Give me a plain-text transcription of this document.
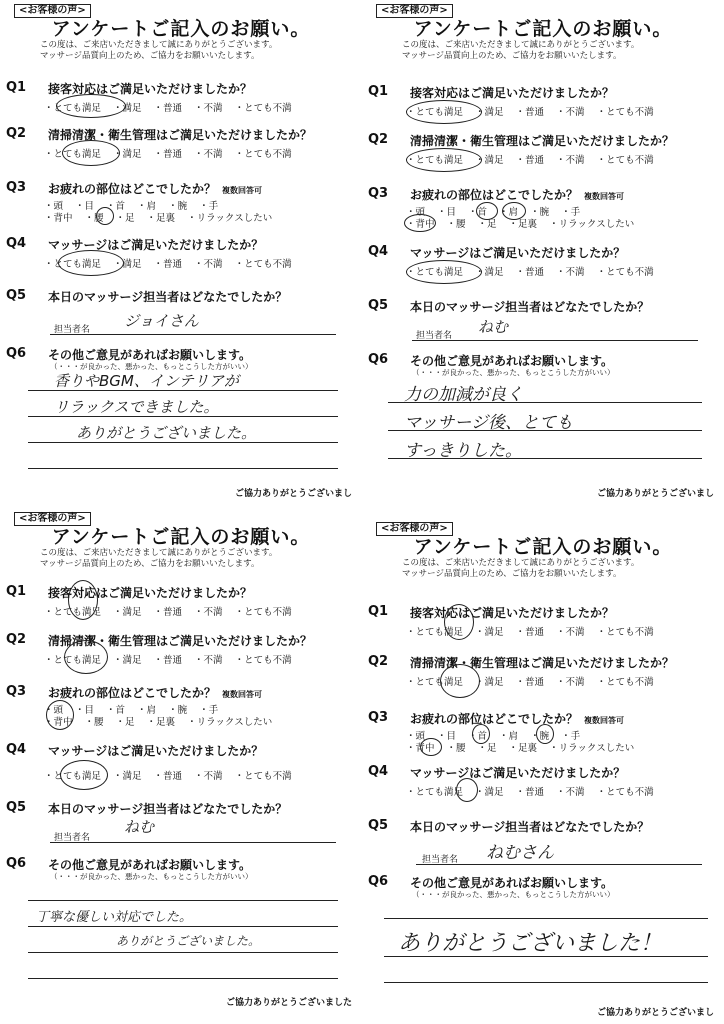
<お客様の声>
アンケートご記入のお願い。
この度は、ご来店いただきまして誠にありがとうございます。
マッサージ品質向上のため、ご協力をお願いいたします。
Q1 接客対応はご満足いただけましたか？
・とても満足 ・満足 ・普通 ・不満 ・とても不満
Q2 清掃清潔・衛生管理はご満足いただけましたか？
・とても満足 ・満足 ・普通 ・不満 ・とても不満
Q3 お疲れの部位はどこでしたか？ 複数回答可
・頭 ・目 ・首 ・肩 ・腕 ・手
・背中 ・腰 ・足 ・足裏 ・リラックスしたい
Q4 マッサージはご満足いただけましたか？
・とても満足 ・満足 ・普通 ・不満 ・とても不満
Q5 本日のマッサージ担当者はどなたでしたか？
担当者名 ジョイさん
Q6 その他ご意見があればお願いします。
（・・・が良かった、悪かった、もっとこうした方がいい）
香りやBGM、インテリアが
リラックスできました。
ありがとうございました。
ご協力ありがとうございまし
<お客様の声>
アンケートご記入のお願い。
この度は、ご来店いただきまして誠にありがとうございます。
マッサージ品質向上のため、ご協力をお願いいたします。
Q1 接客対応はご満足いただけましたか？
・とても満足 ・満足 ・普通 ・不満 ・とても不満
Q2 清掃清潔・衛生管理はご満足いただけましたか？
・とても満足 ・満足 ・普通 ・不満 ・とても不満
Q3 お疲れの部位はどこでしたか？ 複数回答可
・頭 ・目 ・首 ・肩 ・腕 ・手
・背中 ・腰 ・足 ・足裏 ・リラックスしたい
Q4 マッサージはご満足いただけましたか？
・とても満足 ・満足 ・普通 ・不満 ・とても不満
Q5 本日のマッサージ担当者はどなたでしたか？
担当者名 ねむ
Q6 その他ご意見があればお願いします。
（・・・が良かった、悪かった、もっとこうした方がいい）
力の加減が良く
マッサージ後、とても
すっきりした。
ご協力ありがとうございまし
<お客様の声>
アンケートご記入のお願い。
この度は、ご来店いただきまして誠にありがとうございます。
マッサージ品質向上のため、ご協力をお願いいたします。
Q1 接客対応はご満足いただけましたか？
・とても満足 ・満足 ・普通 ・不満 ・とても不満
Q2 清掃清潔・衛生管理はご満足いただけましたか？
・とても満足 ・満足 ・普通 ・不満 ・とても不満
Q3 お疲れの部位はどこでしたか？ 複数回答可
・頭 ・目 ・首 ・肩 ・腕 ・手
・背中 ・腰 ・足 ・足裏 ・リラックスしたい
Q4 マッサージはご満足いただけましたか？
・とても満足 ・満足 ・普通 ・不満 ・とても不満
Q5 本日のマッサージ担当者はどなたでしたか？
担当者名
ねむ
Q6 その他ご意見があればお願いします。
（・・・が良かった、悪かった、もっとこうした方がいい）
丁寧な優しい対応でした。
ありがとうございました。
ご協力ありがとうございました
<お客様の声>
アンケートご記入のお願い。
この度は、ご来店いただきまして誠にありがとうございます。
マッサージ品質向上のため、ご協力をお願いいたします。
Q1 接客対応はご満足いただけましたか？
・とても満足 ・満足 ・普通 ・不満 ・とても不満
Q2 清掃清潔・衛生管理はご満足いただけましたか？
・とても満足 ・満足 ・普通 ・不満 ・とても不満
Q3 お疲れの部位はどこでしたか？ 複数回答可
・頭 ・目 ・首 ・肩 ・腕 ・手
・背中 ・腰 ・足 ・足裏 ・リラックスしたい
Q4 マッサージはご満足いただけましたか？
・とても満足 ・満足 ・普通 ・不満 ・とても不満
Q5 本日のマッサージ担当者はどなたでしたか？
担当者名 ねむさん
Q6 その他ご意見があればお願いします。
（・・・が良かった、悪かった、もっとこうした方がいい）
ありがとうございました！
ご協力ありがとうございまし
